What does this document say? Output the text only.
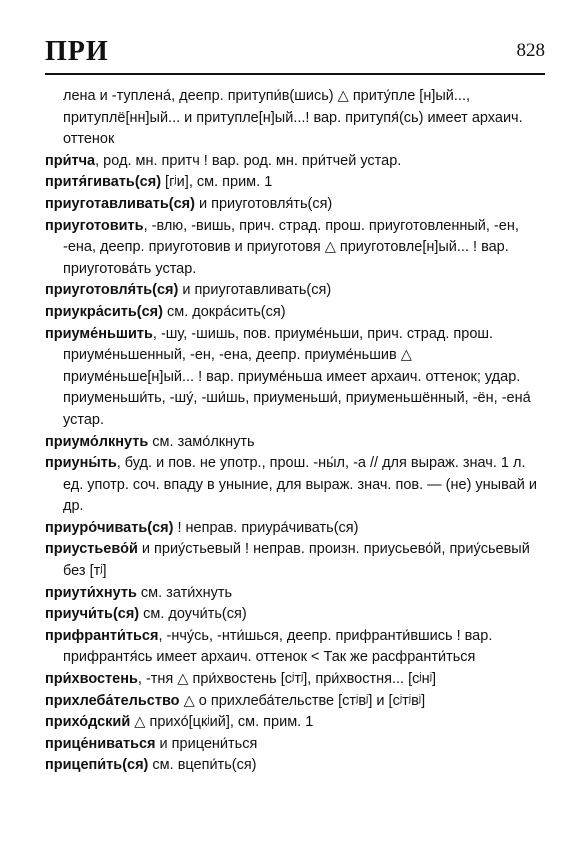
ПРИ	828

лена и -туплена́, деепр. притупи́в(шись) △ приту́пле [н]ый..., притуплё[нн]ый... и притупле[н]ый...! вар. притупя́(сь) имеет архаич. оттенок

при́тча, род. мн. притч ! вар. род. мн. при́тчей устар.

притя́гивать(ся) [гʲи], см. прим. 1

приуготавливать(ся) и приуготовля́ть(ся)

приуготовить, -влю, -вишь, прич. страд. прош. приуготовленный, -ен, -ена, деепр. приуготовив и приуготовя △ приуготовле[н]ый... ! вар. приуготова́ть устар.

приуготовля́ть(ся) и приуготавливать(ся)

приукра́сить(ся) см. докра́сить(ся)

приуме́ньшить, -шу, -шишь, пов. приуме́ньши, прич. страд. прош. приуме́ньшенный, -ен, -ена, деепр. приуме́ньшив △ приуме́ньше[н]ый... ! вар. приуме́ньша имеет архаич. оттенок; удар. приуменьши́ть, -шу́, -ши́шь, приуменьши́, приуменьшённый, -ён, -ена́ устар.

приумо́лкнуть см. замо́лкнуть

приуны́ть, буд. и пов. не употр., прош. -ны́л, -а // для выраж. знач. 1 л. ед. употр. соч. впаду в уныние, для выраж. знач. пов. — (не) унывай и др.

приуро́чивать(ся) ! неправ. приура́чивать(ся)

приустьево́й и приу́стьевый ! неправ. произн. приусьево́й, приу́сьевый без [тʲ]

приути́хнуть см. зати́хнуть

приучи́ть(ся) см. доучи́ть(ся)

прифранти́ться, -нчу́сь, -нти́шься, деепр. прифранти́вшись ! вар. прифрантя́сь имеет архаич. оттенок < Так же расфранти́ться

при́хвостень, -тня △ при́хвостень [сʲтʲ], при́хвостня... [сʲнʲ]

прихлеба́тельство △ о прихлеба́тельстве [стʲвʲ] и [сʲтʲвʲ]

прихо́дский △ прихо́[цкʲий], см. прим. 1

прице́ниваться и прицени́ться

прицепи́ть(ся) см. вцепи́ть(ся)
